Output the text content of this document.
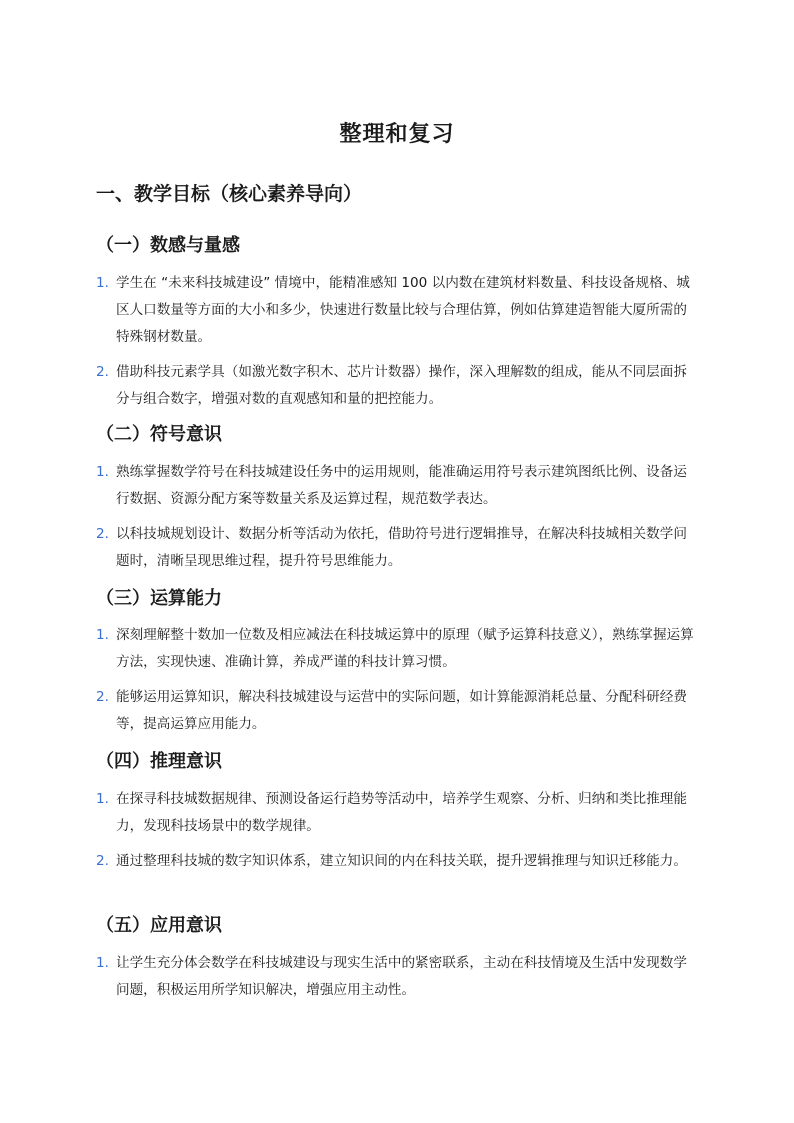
整理和复习
一、教学目标（核心素养导向）
（一）数感与量感
1. 学生在 “未来科技城建设” 情境中，能精准感知 100 以内数在建筑材料数量、科技设备规格、城区人口数量等方面的大小和多少，快速进行数量比较与合理估算，例如估算建造智能大厦所需的特殊钢材数量。
2. 借助科技元素学具（如激光数字积木、芯片计数器）操作，深入理解数的组成，能从不同层面拆分与组合数字，增强对数的直观感知和量的把控能力。
（二）符号意识
1. 熟练掌握数学符号在科技城建设任务中的运用规则，能准确运用符号表示建筑图纸比例、设备运行数据、资源分配方案等数量关系及运算过程，规范数学表达。
2. 以科技城规划设计、数据分析等活动为依托，借助符号进行逻辑推导，在解决科技城相关数学问题时，清晰呈现思维过程，提升符号思维能力。
（三）运算能力
1. 深刻理解整十数加一位数及相应减法在科技城运算中的原理（赋予运算科技意义），熟练掌握运算方法，实现快速、准确计算，养成严谨的科技计算习惯。
2. 能够运用运算知识，解决科技城建设与运营中的实际问题，如计算能源消耗总量、分配科研经费等，提高运算应用能力。
（四）推理意识
1. 在探寻科技城数据规律、预测设备运行趋势等活动中，培养学生观察、分析、归纳和类比推理能力，发现科技场景中的数学规律。
2. 通过整理科技城的数字知识体系，建立知识间的内在科技关联，提升逻辑推理与知识迁移能力。
（五）应用意识
1. 让学生充分体会数学在科技城建设与现实生活中的紧密联系，主动在科技情境及生活中发现数学问题，积极运用所学知识解决，增强应用主动性。
